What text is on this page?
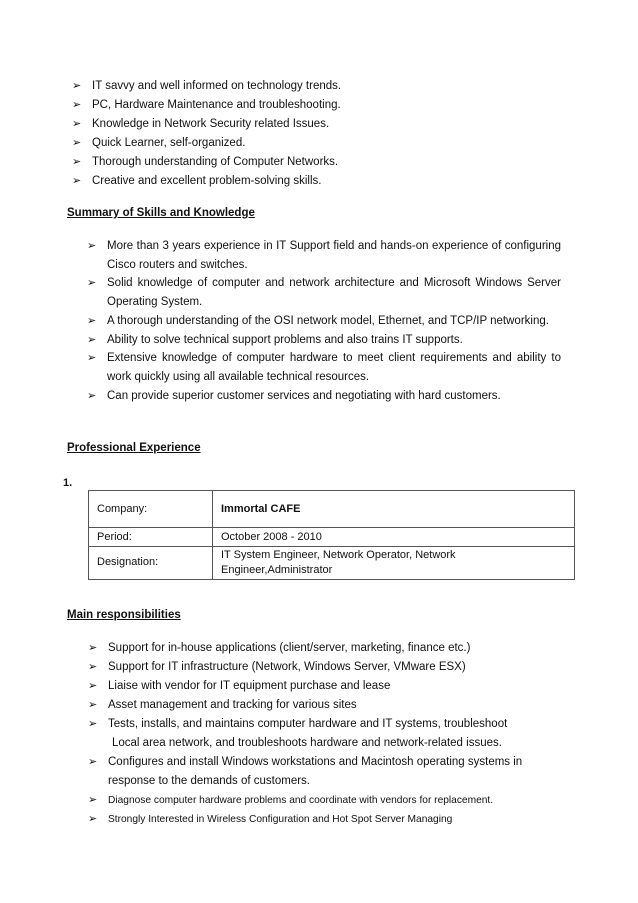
➢ IT savvy and well informed on technology trends.
➢ PC, Hardware Maintenance and troubleshooting.
➢ Knowledge in Network Security related Issues.
➢ Quick Learner, self-organized.
➢ Thorough understanding of Computer Networks.
➢ Creative and excellent problem-solving skills.
Summary of Skills and Knowledge
➢ More than 3 years experience in IT Support field and hands-on experience of configuring Cisco routers and switches.
➢ Solid knowledge of computer and network architecture and Microsoft Windows Server Operating System.
➢ A thorough understanding of the OSI network model, Ethernet, and TCP/IP networking.
➢ Ability to solve technical support problems and also trains IT supports.
➢ Extensive knowledge of computer hardware to meet client requirements and ability to work quickly using all available technical resources.
➢ Can provide superior customer services and negotiating with hard customers.
Professional Experience
1.
Company:	Immortal CAFE
Period:	October 2008 - 2010
Designation:	IT System Engineer, Network Operator, Network
Engineer,Administrator
Main responsibilities
➢ Support for in-house applications (client/server, marketing, finance etc.)
➢ Support for IT infrastructure (Network, Windows Server, VMware ESX)
➢ Liaise with vendor for IT equipment purchase and lease
➢ Asset management and tracking for various sites
➢ Tests, installs, and maintains computer hardware and IT systems, troubleshoot
Local area network, and troubleshoots hardware and network-related issues.
➢ Configures and install Windows workstations and Macintosh operating systems in response to the demands of customers.
➢ Diagnose computer hardware problems and coordinate with vendors for replacement.
➢ Strongly Interested in Wireless Configuration and Hot Spot Server Managing
